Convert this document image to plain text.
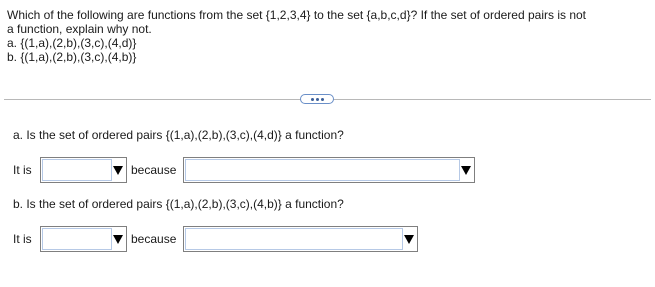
Which of the following are functions from the set {1,2,3,4} to the set {a,b,c,d}? If the set of ordered pairs is not
a function, explain why not.
a. {(1,a),(2,b),(3,c),(4,d)}
b. {(1,a),(2,b),(3,c),(4,b)}
a. Is the set of ordered pairs {(1,a),(2,b),(3,c),(4,d)} a function?
It is	because
b. Is the set of ordered pairs {(1,a),(2,b),(3,c),(4,b)} a function?
It is	because
